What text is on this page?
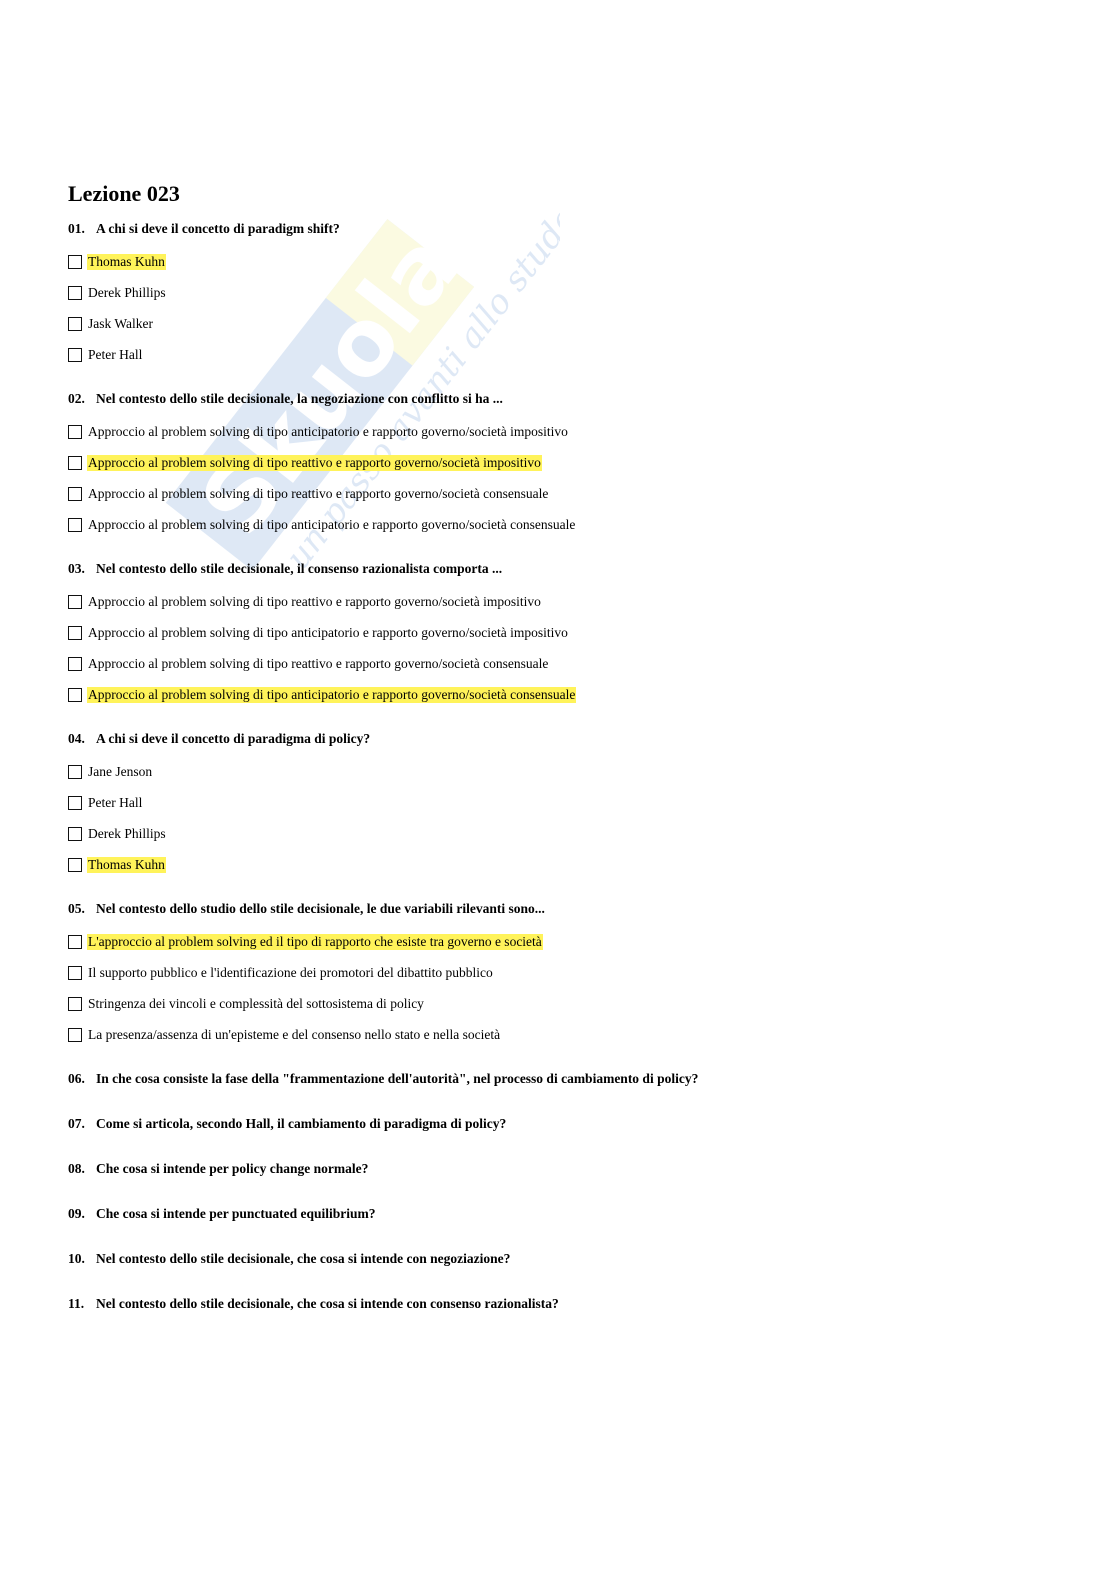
Skuola.net
un passo avanti allo studente
Lezione 023
01. A chi si deve il concetto di paradigm shift?
Thomas Kuhn
Derek Phillips
Jask Walker
Peter Hall
02. Nel contesto dello stile decisionale, la negoziazione con conflitto si ha ...
Approccio al problem solving di tipo anticipatorio e rapporto governo/società impositivo
Approccio al problem solving di tipo reattivo e rapporto governo/società impositivo
Approccio al problem solving di tipo reattivo e rapporto governo/società consensuale
Approccio al problem solving di tipo anticipatorio e rapporto governo/società consensuale
03. Nel contesto dello stile decisionale, il consenso razionalista comporta ...
Approccio al problem solving di tipo reattivo e rapporto governo/società impositivo
Approccio al problem solving di tipo anticipatorio e rapporto governo/società impositivo
Approccio al problem solving di tipo reattivo e rapporto governo/società consensuale
Approccio al problem solving di tipo anticipatorio e rapporto governo/società consensuale
04. A chi si deve il concetto di paradigma di policy?
Jane Jenson
Peter Hall
Derek Phillips
Thomas Kuhn
05. Nel contesto dello studio dello stile decisionale, le due variabili rilevanti sono...
L'approccio al problem solving ed il tipo di rapporto che esiste tra governo e società
Il supporto pubblico e l'identificazione dei promotori del dibattito pubblico
Stringenza dei vincoli e complessità del sottosistema di policy
La presenza/assenza di un'episteme e del consenso nello stato e nella società
06. In che cosa consiste la fase della "frammentazione dell'autorità", nel processo di cambiamento di policy?
07. Come si articola, secondo Hall, il cambiamento di paradigma di policy?
08. Che cosa si intende per policy change normale?
09. Che cosa si intende per punctuated equilibrium?
10. Nel contesto dello stile decisionale, che cosa si intende con negoziazione?
11. Nel contesto dello stile decisionale, che cosa si intende con consenso razionalista?
